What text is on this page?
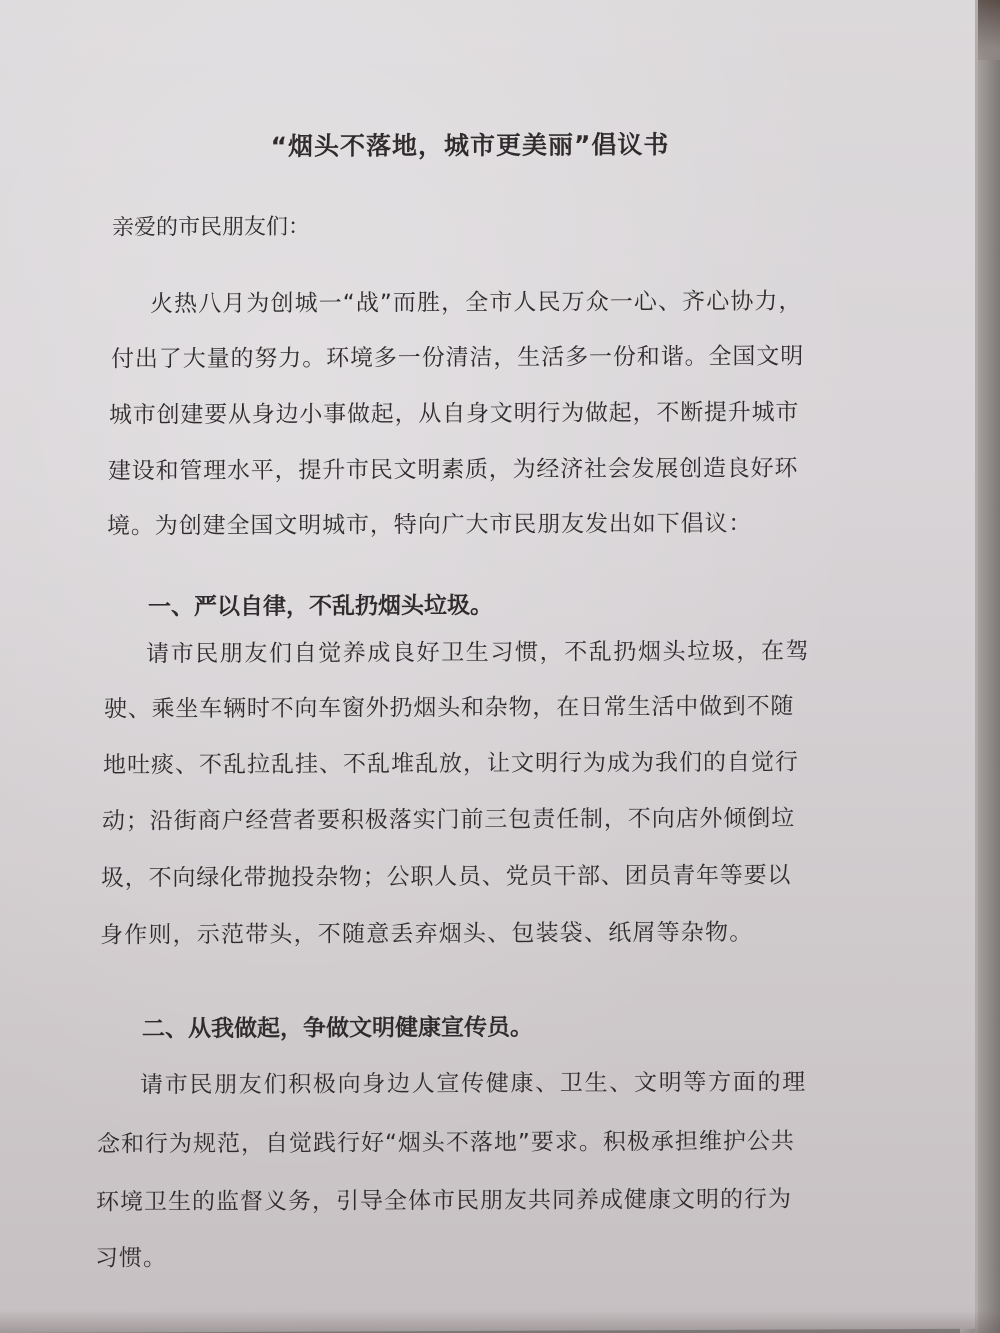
“烟头不落地，城市更美丽”倡议书
亲爱的市民朋友们：
火热八月为创城一“战”而胜，全市人民万众一心、齐心协力，
付出了大量的努力。环境多一份清洁，生活多一份和谐。全国文明
城市创建要从身边小事做起，从自身文明行为做起，不断提升城市
建设和管理水平，提升市民文明素质，为经济社会发展创造良好环
境。为创建全国文明城市，特向广大市民朋友发出如下倡议：
一、严以自律，不乱扔烟头垃圾。
请市民朋友们自觉养成良好卫生习惯，不乱扔烟头垃圾，在驾
驶、乘坐车辆时不向车窗外扔烟头和杂物，在日常生活中做到不随
地吐痰、不乱拉乱挂、不乱堆乱放，让文明行为成为我们的自觉行
动；沿街商户经营者要积极落实门前三包责任制，不向店外倾倒垃
圾，不向绿化带抛投杂物；公职人员、党员干部、团员青年等要以
身作则，示范带头，不随意丢弃烟头、包装袋、纸屑等杂物。
二、从我做起，争做文明健康宣传员。
请市民朋友们积极向身边人宣传健康、卫生、文明等方面的理
念和行为规范，自觉践行好“烟头不落地”要求。积极承担维护公共
环境卫生的监督义务，引导全体市民朋友共同养成健康文明的行为
习惯。
